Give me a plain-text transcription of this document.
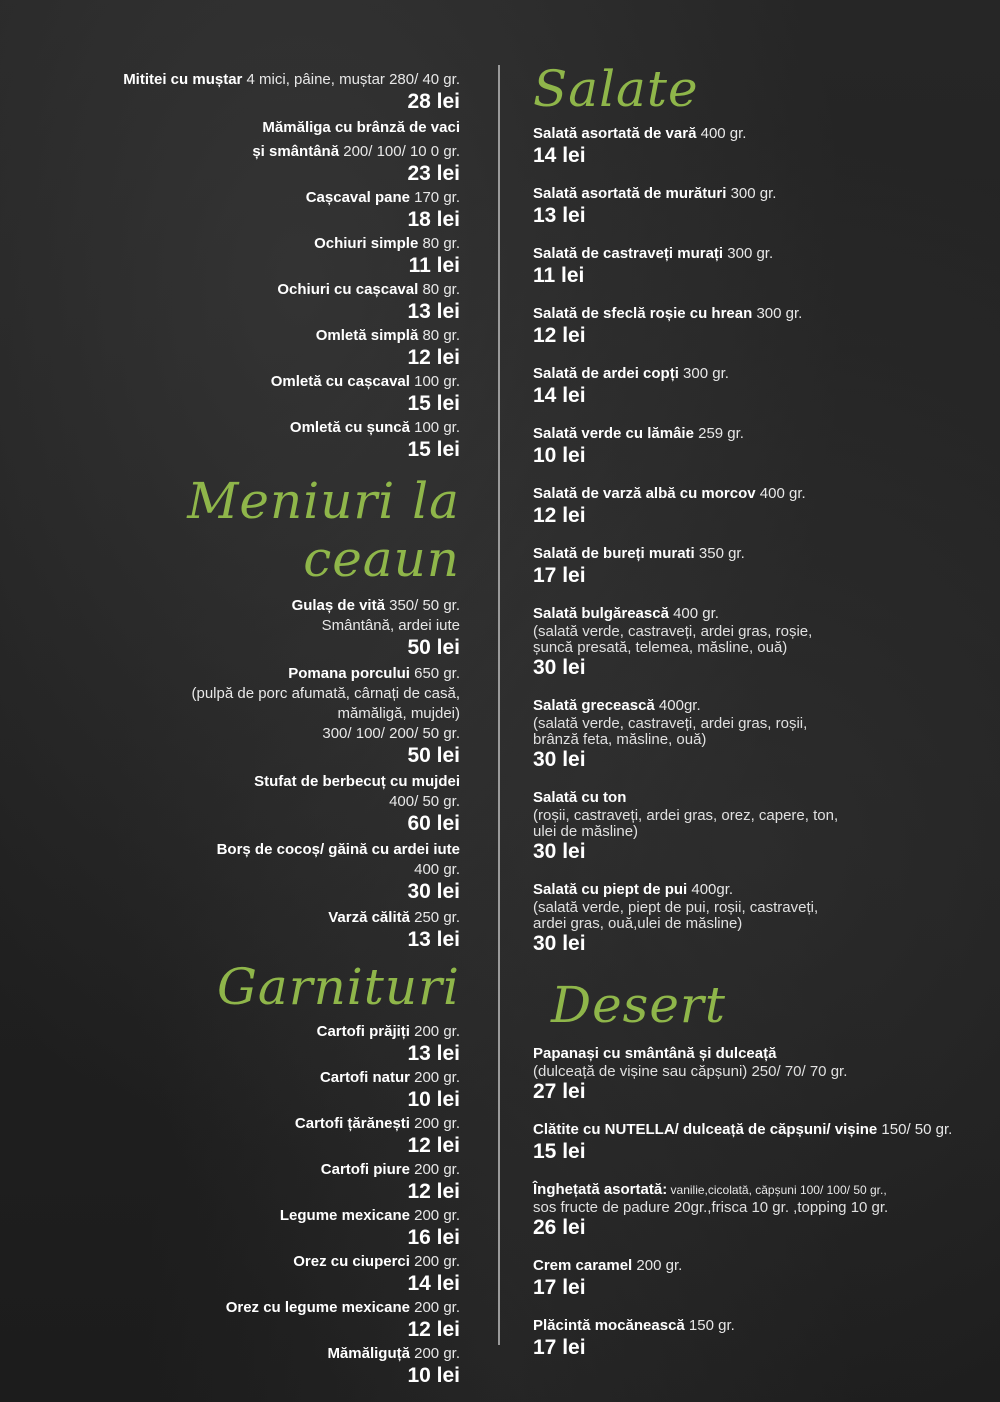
Mititei cu muștar 4 mici, pâine, muștar 280/ 40 gr.
28 lei
Mămăliga cu brânză de vaci
și smântână 200/ 100/ 10 0 gr.
23 lei
Cașcaval pane 170 gr.
18 lei
Ochiuri simple 80 gr.
11 lei
Ochiuri cu cașcaval 80 gr.
13 lei
Omletă simplă 80 gr.
12 lei
Omletă cu cașcaval 100 gr.
15 lei
Omletă cu șuncă 100 gr.
15 lei
Meniuri la ceaun
Gulaș de vită 350/ 50 gr.
Smântână, ardei iute
50 lei
Pomana porcului 650 gr.
(pulpă de porc afumată, cârnați de casă,
mămăligă, mujdei)
300/ 100/ 200/ 50 gr.
50 lei
Stufat de berbecuț cu mujdei
400/ 50 gr.
60 lei
Borș de cocoș/ găină cu ardei iute
400 gr.
30 lei
Varză călită 250 gr.
13 lei
Garnituri
Cartofi prăjiți 200 gr.
13 lei
Cartofi natur 200 gr.
10 lei
Cartofi țărănești 200 gr.
12 lei
Cartofi piure 200 gr.
12 lei
Legume mexicane 200 gr.
16 lei
Orez cu ciuperci 200 gr.
14 lei
Orez cu legume mexicane 200 gr.
12 lei
Mămăliguță 200 gr.
10 lei
Salate
Salată asortată de vară 400 gr.
14 lei
Salată asortată de murături 300 gr.
13 lei
Salată de castraveți murați 300 gr.
11 lei
Salată de sfeclă roșie cu hrean 300 gr.
12 lei
Salată de ardei copți 300 gr.
14 lei
Salată verde cu lămâie 259 gr.
10 lei
Salată de varză albă cu morcov 400 gr.
12 lei
Salată de bureți murati 350 gr.
17 lei
Salată bulgărească 400 gr.
(salată verde, castraveți, ardei gras, roșie,
șuncă presată, telemea, măsline, ouă)
30 lei
Salată grecească 400gr.
(salată verde, castraveți, ardei gras, roșii,
brânză feta, măsline, ouă)
30 lei
Salată cu ton
(roșii, castraveți, ardei gras, orez, capere, ton,
ulei de măsline)
30 lei
Salată cu piept de pui 400gr.
(salată verde, piept de pui, roșii, castraveți,
ardei gras, ouă,ulei de măsline)
30 lei
Desert
Papanași cu smântână și dulceață
(dulceață de vișine sau căpșuni) 250/ 70/ 70 gr.
27 lei
Clătite cu NUTELLA/ dulceață de căpșuni/ vișine 150/ 50 gr.
15 lei
Înghețată asortată: vanilie,cicolată, căpșuni 100/ 100/ 50 gr.,
sos fructe de padure 20gr.,frisca 10 gr. ,topping 10 gr.
26 lei
Crem caramel 200 gr.
17 lei
Plăcintă mocănească 150 gr.
17 lei
